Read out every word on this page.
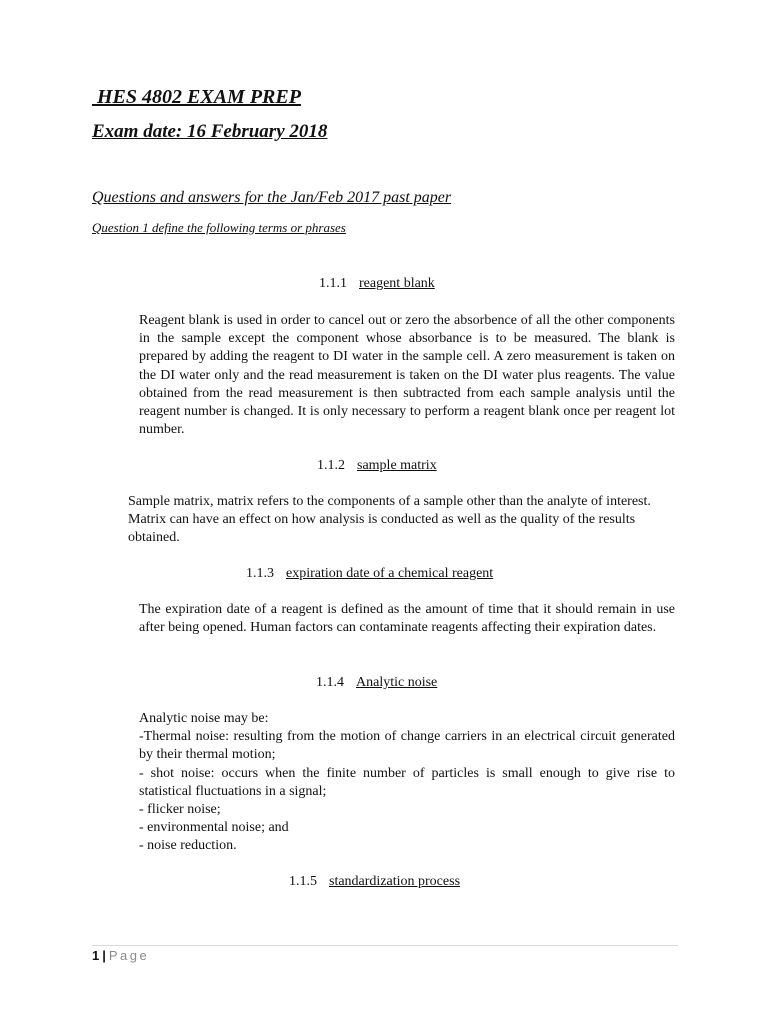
HES 4802 EXAM PREP
Exam date: 16 February 2018
Questions and answers for the Jan/Feb 2017 past paper
Question 1 define the following terms or phrases
1.1.1 reagent blank
Reagent blank is used in order to cancel out or zero the absorbence of all the other components in the sample except the component whose absorbance is to be measured. The blank is prepared by adding the reagent to DI water in the sample cell. A zero measurement is taken on the DI water only and the read measurement is taken on the DI water plus reagents. The value obtained from the read measurement is then subtracted from each sample analysis until the reagent number is changed. It is only necessary to perform a reagent blank once per reagent lot number.
1.1.2 sample matrix
Sample matrix, matrix refers to the components of a sample other than the analyte of interest. Matrix can have an effect on how analysis is conducted as well as the quality of the results obtained.
1.1.3 expiration date of a chemical reagent
The expiration date of a reagent is defined as the amount of time that it should remain in use after being opened. Human factors can contaminate reagents affecting their expiration dates.
1.1.4 Analytic noise
Analytic noise may be:
-Thermal noise: resulting from the motion of change carriers in an electrical circuit generated by their thermal motion;
- shot noise: occurs when the finite number of particles is small enough to give rise to statistical fluctuations in a signal;
- flicker noise;
- environmental noise; and
- noise reduction.
1.1.5 standardization process
1 | Page
